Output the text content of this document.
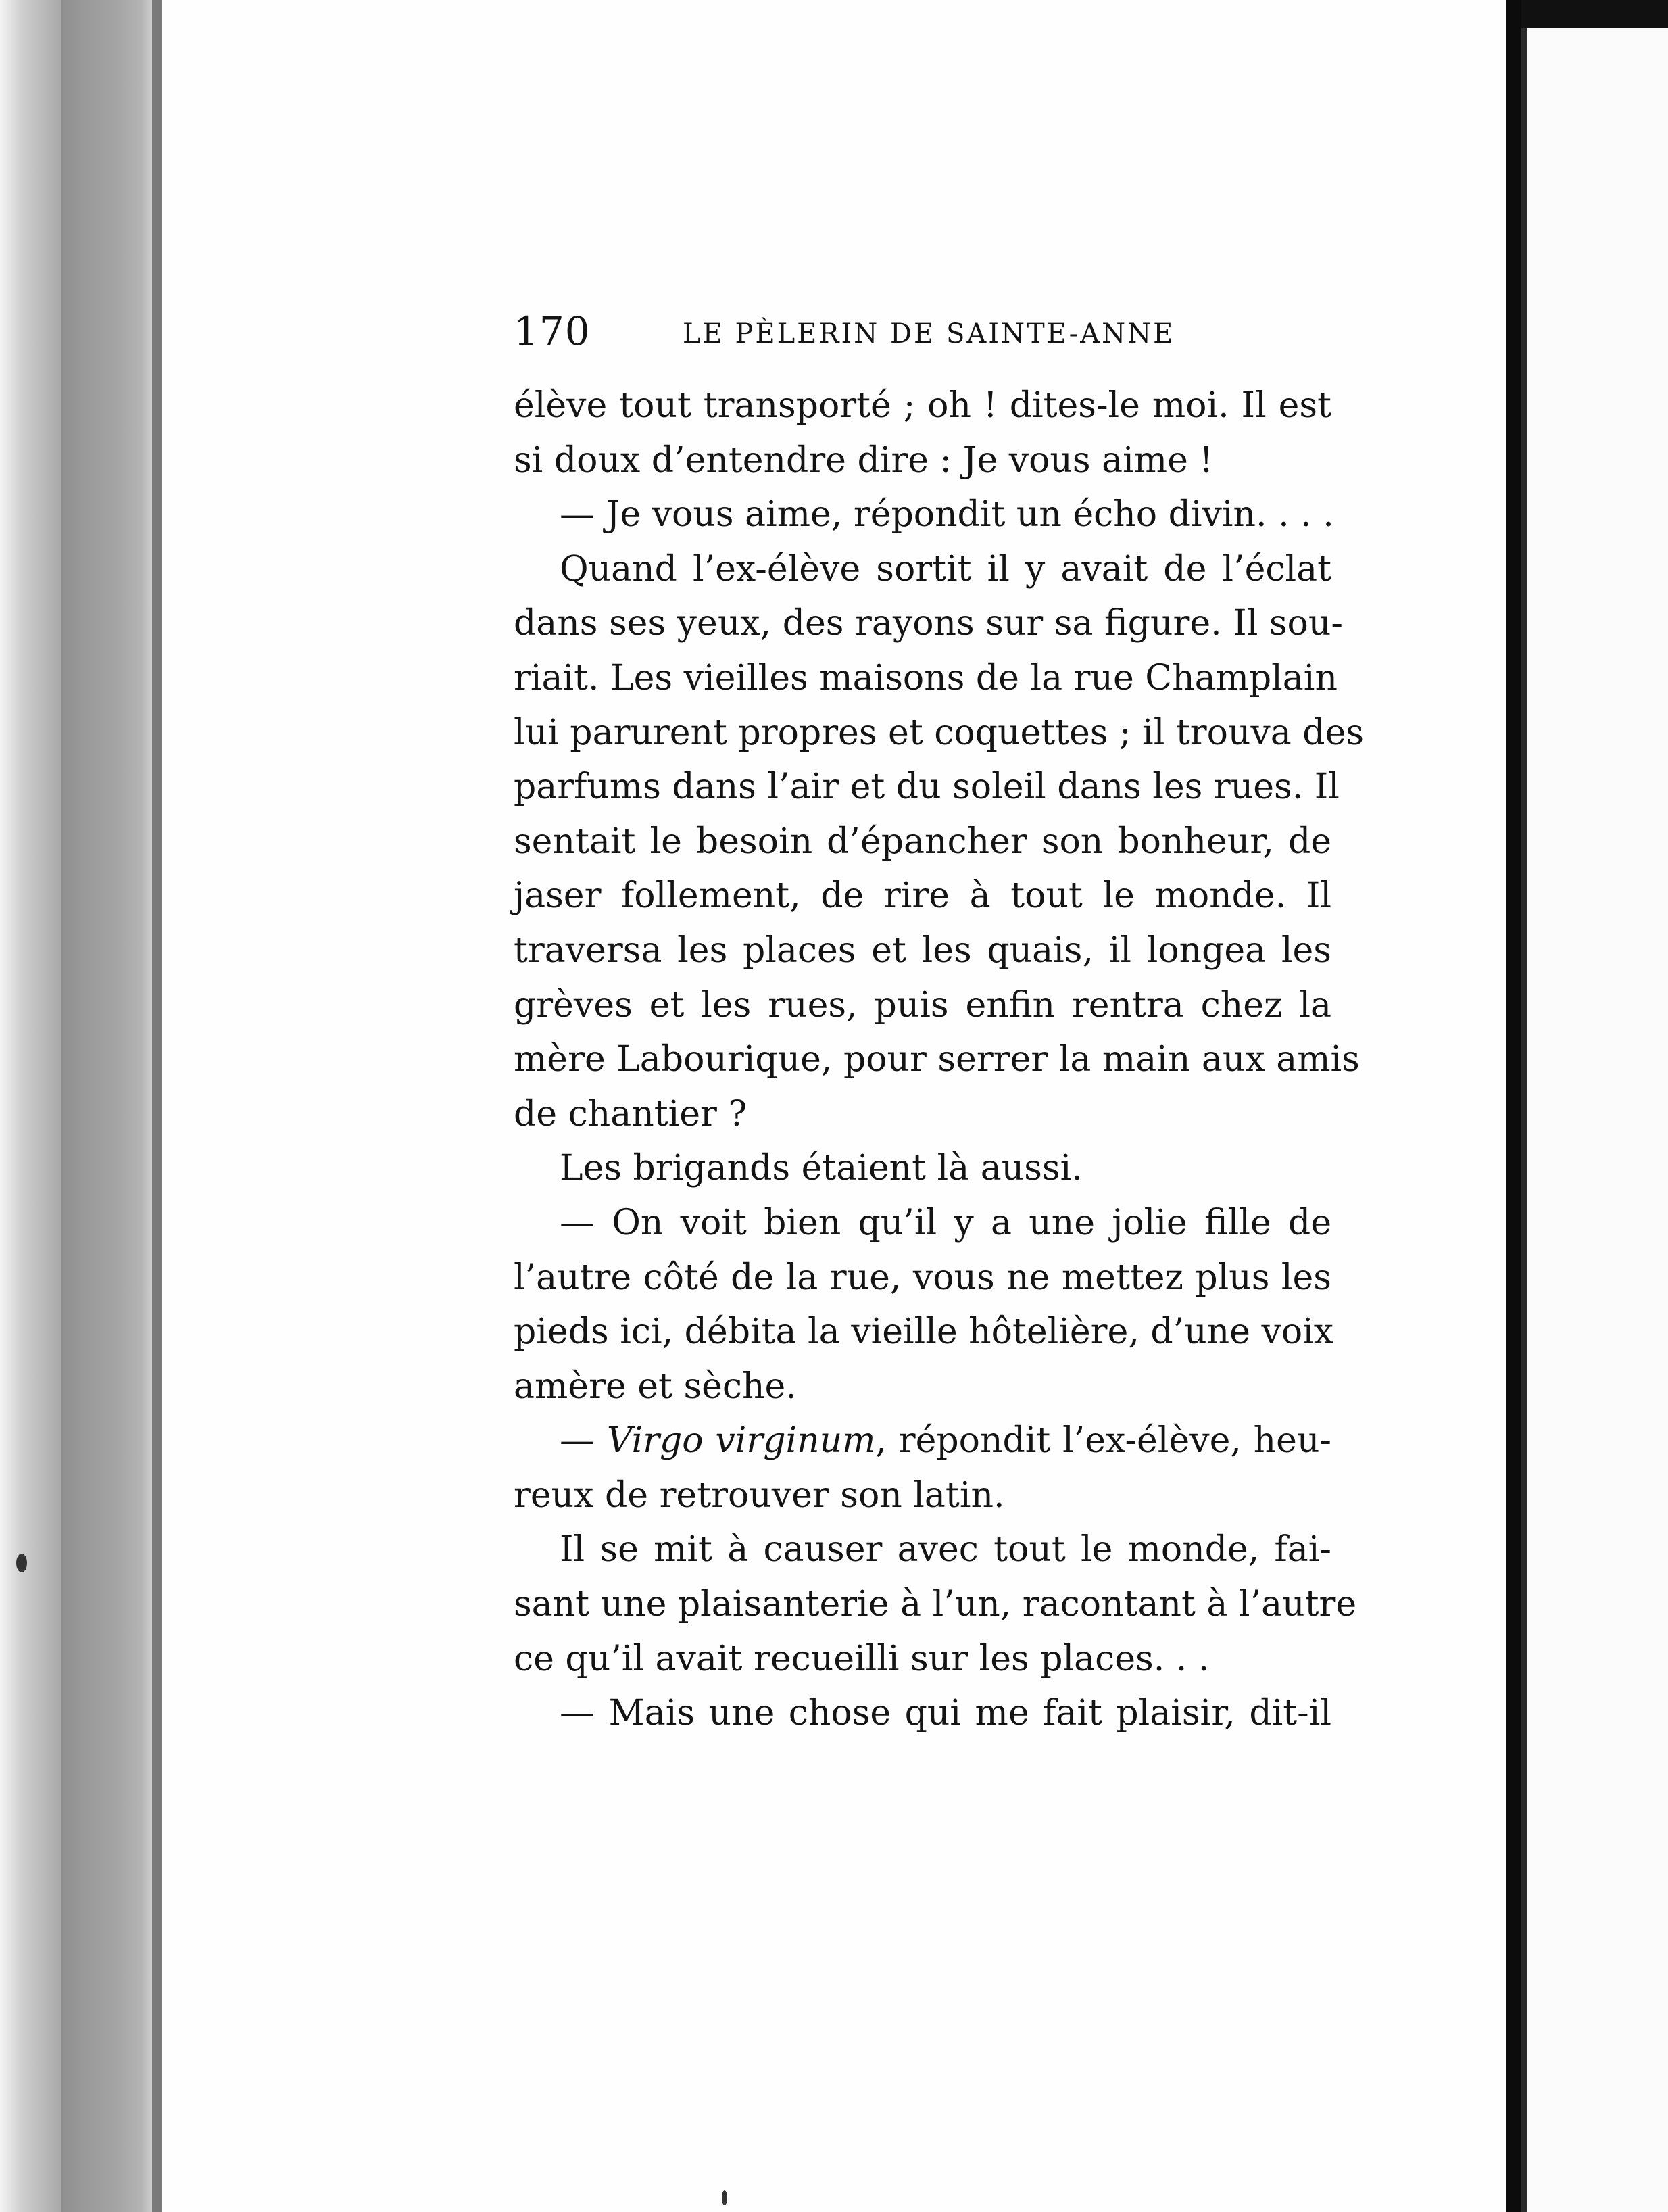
170	LE PÈLERIN DE SAINTE-ANNE
élève tout transporté ; oh ! dites-le moi. Il est
si doux d’entendre dire : Je vous aime !
— Je vous aime, répondit un écho divin. . . .
Quand l’ex-élève sortit il y avait de l’éclat
dans ses yeux, des rayons sur sa figure. Il sou-
riait. Les vieilles maisons de la rue Champlain
lui parurent propres et coquettes ; il trouva des
parfums dans l’air et du soleil dans les rues. Il
sentait le besoin d’épancher son bonheur, de
jaser follement, de rire à tout le monde. Il
traversa les places et les quais, il longea les
grèves et les rues, puis enfin rentra chez la
mère Labourique, pour serrer la main aux amis
de chantier ?
Les brigands étaient là aussi.
— On voit bien qu’il y a une jolie fille de
l’autre côté de la rue, vous ne mettez plus les
pieds ici, débita la vieille hôtelière, d’une voix
amère et sèche.
— Virgo virginum, répondit l’ex-élève, heu-
reux de retrouver son latin.
Il se mit à causer avec tout le monde, fai-
sant une plaisanterie à l’un, racontant à l’autre
ce qu’il avait recueilli sur les places. . .
— Mais une chose qui me fait plaisir, dit-il
